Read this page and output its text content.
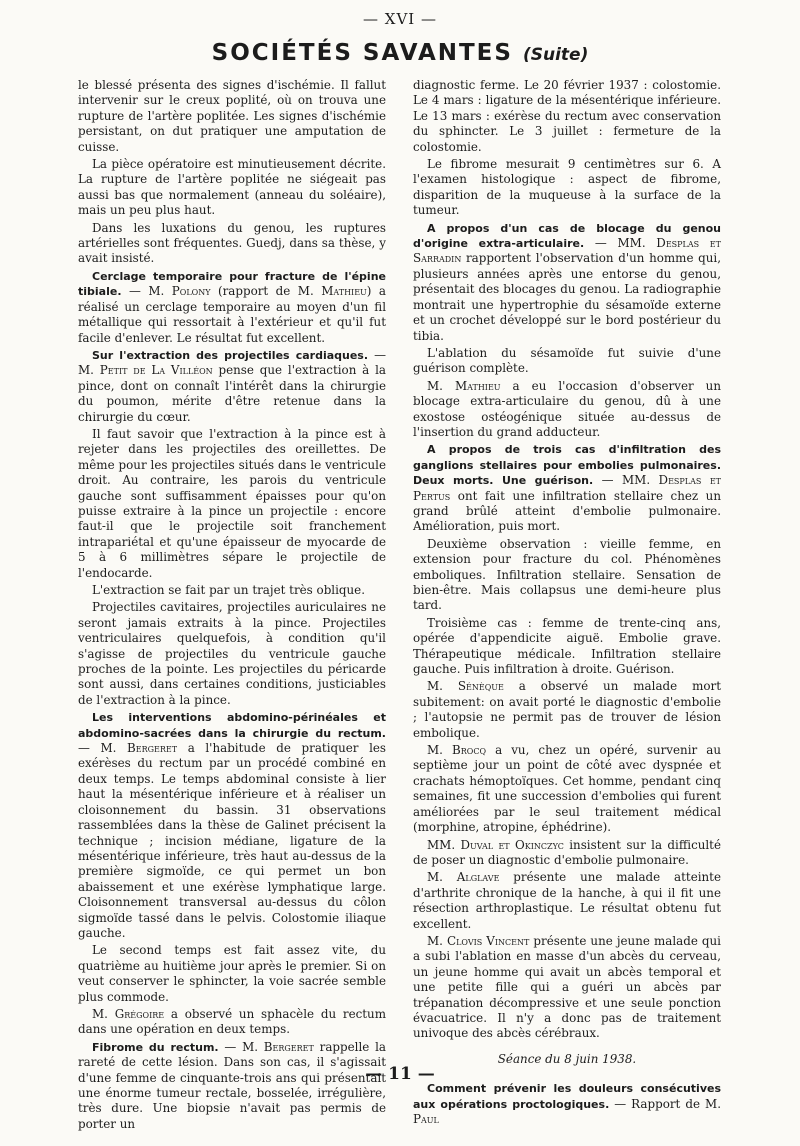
— XVI —
SOCIÉTÉS SAVANTES (Suite)

le blessé présenta des signes d'ischémie. Il fallut intervenir sur le creux poplité, où on trouva une rupture de l'artère poplitée. Les signes d'ischémie persistant, on dut pratiquer une amputation de cuisse.

La pièce opératoire est minutieusement décrite. La rupture de l'artère poplitée ne siégeait pas aussi bas que normalement (anneau du soléaire), mais un peu plus haut.

Dans les luxations du genou, les ruptures artérielles sont fréquentes. Guedj, dans sa thèse, y avait insisté.

Cerclage temporaire pour fracture de l'épine tibiale. — M. Polony (rapport de M. Mathieu) a réalisé un cerclage temporaire au moyen d'un fil métallique qui ressortait à l'extérieur et qu'il fut facile d'enlever. Le résultat fut excellent.

Sur l'extraction des projectiles cardiaques. — M. Petit de La Villéon pense que l'extraction à la pince, dont on connaît l'intérêt dans la chirurgie du poumon, mérite d'être retenue dans la chirurgie du cœur.

Il faut savoir que l'extraction à la pince est à rejeter dans les projectiles des oreillettes. De même pour les projectiles situés dans le ventricule droit. Au contraire, les parois du ventricule gauche sont suffisamment épaisses pour qu'on puisse extraire à la pince un projectile : encore faut-il que le projectile soit franchement intrapariétal et qu'une épaisseur de myocarde de 5 à 6 millimètres sépare le projectile de l'endocarde.

L'extraction se fait par un trajet très oblique.

Projectiles cavitaires, projectiles auriculaires ne seront jamais extraits à la pince. Projectiles ventriculaires quelquefois, à condition qu'il s'agisse de projectiles du ventricule gauche proches de la pointe. Les projectiles du péricarde sont aussi, dans certaines conditions, justiciables de l'extraction à la pince.

Les interventions abdomino-périnéales et abdomino-sacrées dans la chirurgie du rectum. — M. Bergeret a l'habitude de pratiquer les exérèses du rectum par un procédé combiné en deux temps. Le temps abdominal consiste à lier haut la mésentérique inférieure et à réaliser un cloisonnement du bassin. 31 observations rassemblées dans la thèse de Galinet précisent la technique ; incision médiane, ligature de la mésentérique inférieure, très haut au-dessus de la première sigmoïde, ce qui permet un bon abaissement et une exérèse lymphatique large. Cloisonnement transversal au-dessus du côlon sigmoïde tassé dans le pelvis. Colostomie iliaque gauche.

Le second temps est fait assez vite, du quatrième au huitième jour après le premier. Si on veut conserver le sphincter, la voie sacrée semble plus commode.

M. Grégoire a observé un sphacèle du rectum dans une opération en deux temps.

Fibrome du rectum. — M. Bergeret rappelle la rareté de cette lésion. Dans son cas, il s'agissait d'une femme de cinquante-trois ans qui présentait une énorme tumeur rectale, bosselée, irrégulière, très dure. Une biopsie n'avait pas permis de porter un

diagnostic ferme. Le 20 février 1937 : colostomie. Le 4 mars : ligature de la mésentérique inférieure. Le 13 mars : exérèse du rectum avec conservation du sphincter. Le 3 juillet : fermeture de la colostomie.

Le fibrome mesurait 9 centimètres sur 6. A l'examen histologique : aspect de fibrome, disparition de la muqueuse à la surface de la tumeur.

A propos d'un cas de blocage du genou d'origine extra-articulaire. — MM. Desplas et Sarradin rapportent l'observation d'un homme qui, plusieurs années après une entorse du genou, présentait des blocages du genou. La radiographie montrait une hypertrophie du sésamoïde externe et un crochet développé sur le bord postérieur du tibia.

L'ablation du sésamoïde fut suivie d'une guérison complète.

M. Mathieu a eu l'occasion d'observer un blocage extra-articulaire du genou, dû à une exostose ostéogénique située au-dessus de l'insertion du grand adducteur.

A propos de trois cas d'infiltration des ganglions stellaires pour embolies pulmonaires. Deux morts. Une guérison. — MM. Desplas et Pertus ont fait une infiltration stellaire chez un grand brûlé atteint d'embolie pulmonaire. Amélioration, puis mort.

Deuxième observation : vieille femme, en extension pour fracture du col. Phénomènes emboliques. Infiltration stellaire. Sensation de bien-être. Mais collapsus une demi-heure plus tard.

Troisième cas : femme de trente-cinq ans, opérée d'appendicite aiguë. Embolie grave. Thérapeutique médicale. Infiltration stellaire gauche. Puis infiltration à droite. Guérison.

M. Sénèque a observé un malade mort subitement: on avait porté le diagnostic d'embolie ; l'autopsie ne permit pas de trouver de lésion embolique.

M. Brocq a vu, chez un opéré, survenir au septième jour un point de côté avec dyspnée et crachats hémoptoïques. Cet homme, pendant cinq semaines, fit une succession d'embolies qui furent améliorées par le seul traitement médical (morphine, atropine, éphédrine).

MM. Duval et Okinczyc insistent sur la difficulté de poser un diagnostic d'embolie pulmonaire.

M. Alglave présente une malade atteinte d'arthrite chronique de la hanche, à qui il fit une résection arthroplastique. Le résultat obtenu fut excellent.

M. Clovis Vincent présente une jeune malade qui a subi l'ablation en masse d'un abcès du cerveau, un jeune homme qui avait un abcès temporal et une petite fille qui a guéri un abcès par trépanation décompressive et une seule ponction évacuatrice. Il n'y a donc pas de traitement univoque des abcès cérébraux.

Séance du 8 juin 1938.

Comment prévenir les douleurs consécutives aux opérations proctologiques. — Rapport de M. Paul

— 11 —
